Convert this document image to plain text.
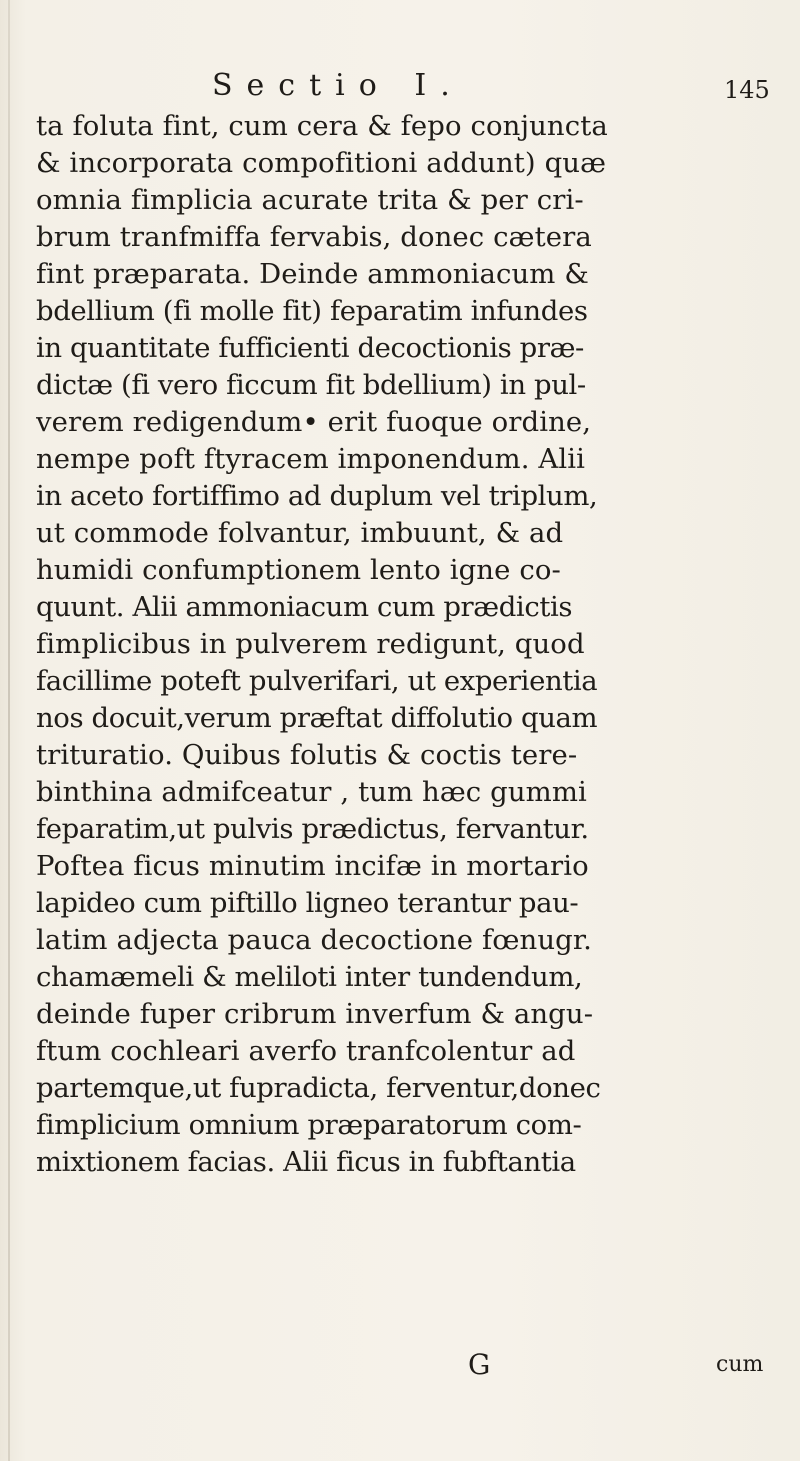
Sectio I.	145
ta foluta fint, cum cera & fepo conjuncta
& incorporata compofitioni addunt) quæ
omnia fimplicia acurate trita & per cri-
brum tranfmiffa fervabis, donec cætera
fint præparata. Deinde ammoniacum &
bdellium (fi molle fit) feparatim infundes
in quantitate fufficienti decoctionis præ-
dictæ (fi vero ficcum fit bdellium) in pul-
verem redigendum• erit fuoque ordine,
nempe poft ftyracem imponendum. Alii
in aceto fortiffimo ad duplum vel triplum,
ut commode folvantur, imbuunt, & ad
humidi confumptionem lento igne co-
quunt. Alii ammoniacum cum prædictis
fimplicibus in pulverem redigunt, quod
facillime poteft pulverifari, ut experientia
nos docuit,verum præftat diffolutio quam
trituratio. Quibus folutis & coctis tere-
binthina admifceatur , tum hæc gummi
feparatim,ut pulvis prædictus, fervantur.
Poftea ficus minutim incifæ in mortario
lapideo cum piftillo ligneo terantur pau-
latim adjecta pauca decoctione fœnugr.
chamæmeli & meliloti inter tundendum,
deinde fuper cribrum inverfum & angu-
ftum cochleari averfo tranfcolentur ad
partemque,ut fupradicta, ferventur,donec
fimplicium omnium præparatorum com-
mixtionem facias. Alii ficus in fubftantia
G	cum
